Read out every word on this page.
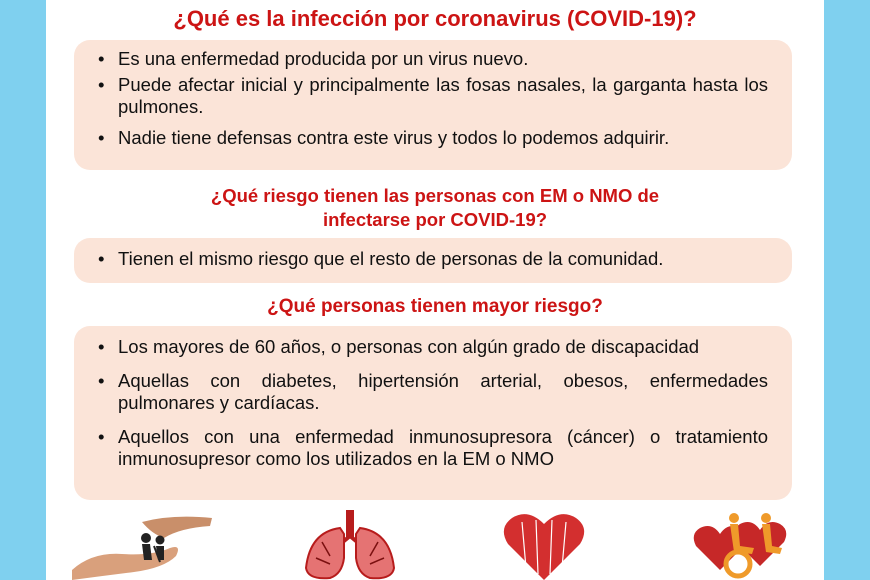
¿Qué es la infección por coronavirus (COVID-19)?
• Es una enfermedad producida por un virus nuevo.
• Puede afectar inicial y principalmente las fosas nasales, la garganta hasta los pulmones.
• Nadie tiene defensas contra este virus y todos lo podemos adquirir.
¿Qué riesgo tienen las personas con EM o NMO de
infectarse por COVID-19?
• Tienen el mismo riesgo que el resto de personas de la comunidad.
¿Qué personas tienen mayor riesgo?
• Los mayores de 60 años, o personas con algún grado de discapacidad
• Aquellas con diabetes, hipertensión arterial, obesos, enfermedades pulmonares y cardíacas.
• Aquellos con una enfermedad inmunosupresora (cáncer) o tratamiento inmunosupresor como los utilizados en la EM o NMO
